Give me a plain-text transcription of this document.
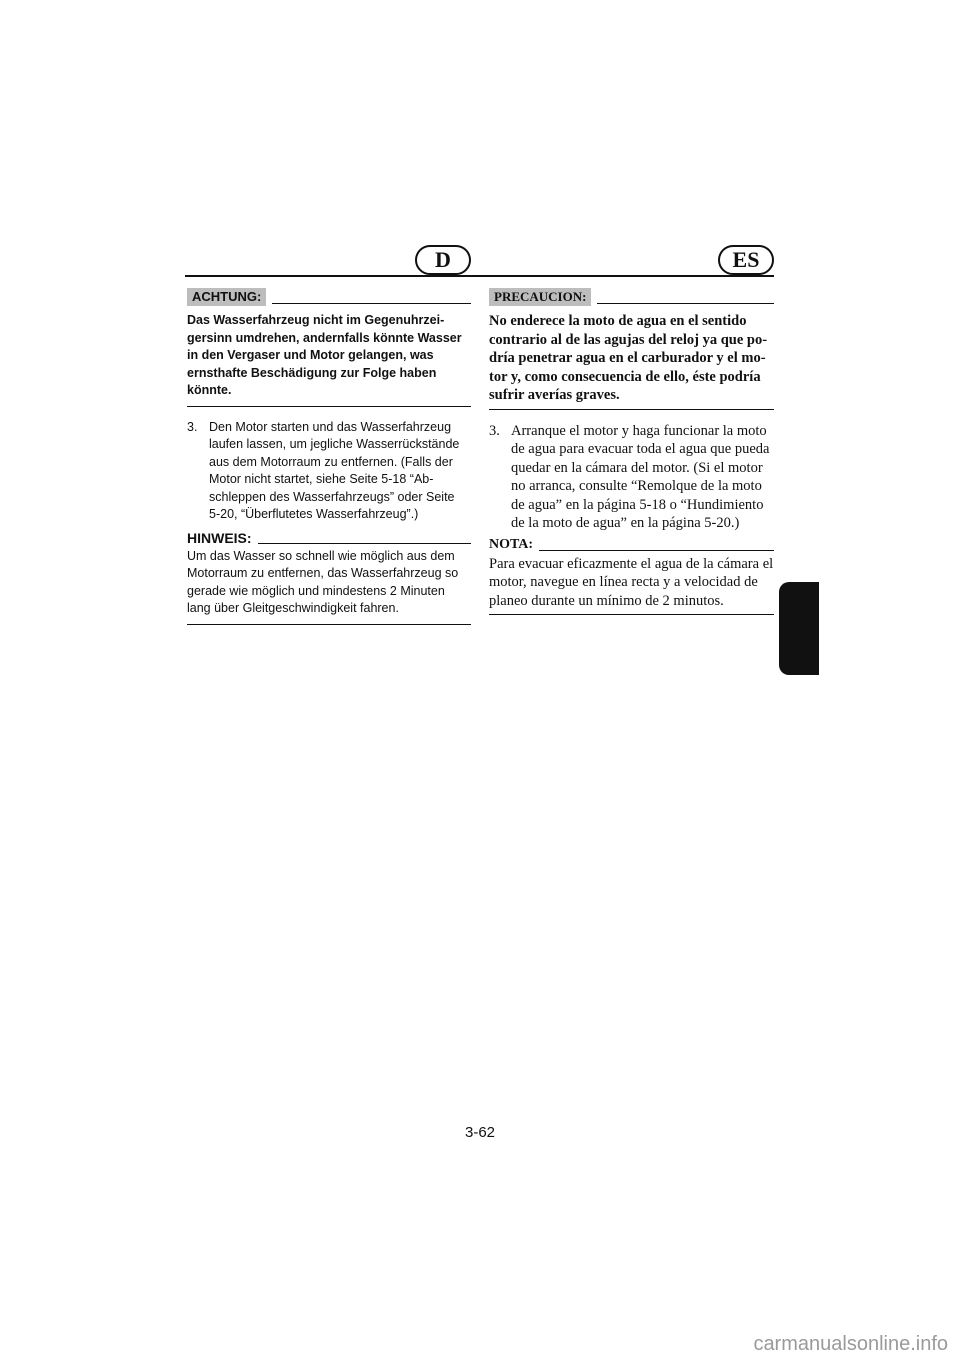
D	ES
ACHTUNG:

Das Wasserfahrzeug nicht im Gegenuhrzei-

gersinn umdrehen, andernfalls könnte Wasser

in den Vergaser und Motor gelangen, was

ernsthafte Beschädigung zur Folge haben

könnte.

3. Den Motor starten und das Wasserfahrzeug
laufen lassen, um jegliche Wasserrückstände
aus dem Motorraum zu entfernen. (Falls der
Motor nicht startet, siehe Seite 5-18 “Ab-
schleppen des Wasserfahrzeugs” oder Seite
5-20, “Überflutetes Wasserfahrzeug”.)
HINWEIS:

Um das Wasser so schnell wie möglich aus dem

Motorraum zu entfernen, das Wasserfahrzeug so

gerade wie möglich und mindestens 2 Minuten

lang über Gleitgeschwindigkeit fahren.

PRECAUCION:

No enderece la moto de agua en el sentido

contrario al de las agujas del reloj ya que po-

dría penetrar agua en el carburador y el mo-

tor y, como consecuencia de ello, éste podría

sufrir averías graves.

3. Arranque el motor y haga funcionar la moto
de agua para evacuar toda el agua que pueda
quedar en la cámara del motor. (Si el motor
no arranca, consulte “Remolque de la moto
de agua” en la página 5-18 o “Hundimiento
de la moto de agua” en la página 5-20.)
NOTA:

Para evacuar eficazmente el agua de la cámara el

motor, navegue en línea recta y a velocidad de

planeo durante un mínimo de 2 minutos.

3-62
carmanualsonline.info
